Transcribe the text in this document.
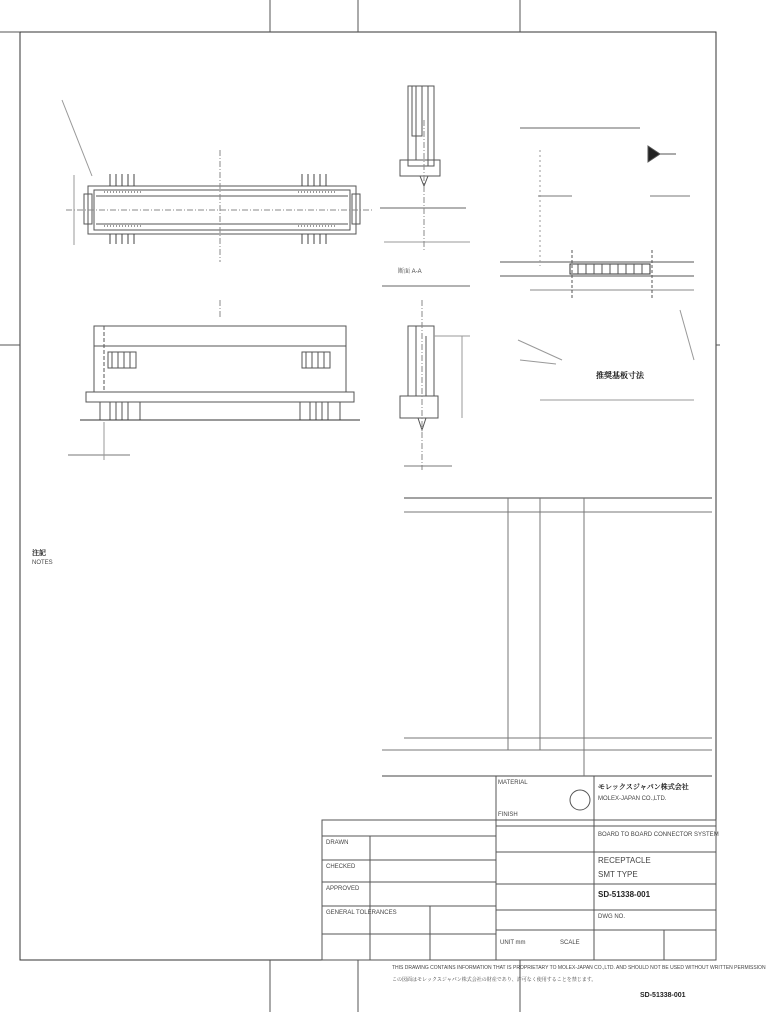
推奨基板寸法
断面 A-A
注記
NOTES
MATERIAL
FINISH
モレックスジャパン株式会社
MOLEX-JAPAN CO.,LTD.
BOARD TO BOARD CONNECTOR SYSTEM
RECEPTACLE
SMT TYPE
SD-51338-001
DWG NO.
DRAWN
CHECKED
APPROVED
GENERAL TOLERANCES
UNIT mm	SCALE
THIS DRAWING CONTAINS INFORMATION THAT IS PROPRIETARY TO MOLEX-JAPAN CO.,LTD. AND SHOULD NOT BE USED WITHOUT WRITTEN PERMISSION
この図面はモレックスジャパン株式会社の財産であり、許可なく使用することを禁じます。
SD-51338-001
